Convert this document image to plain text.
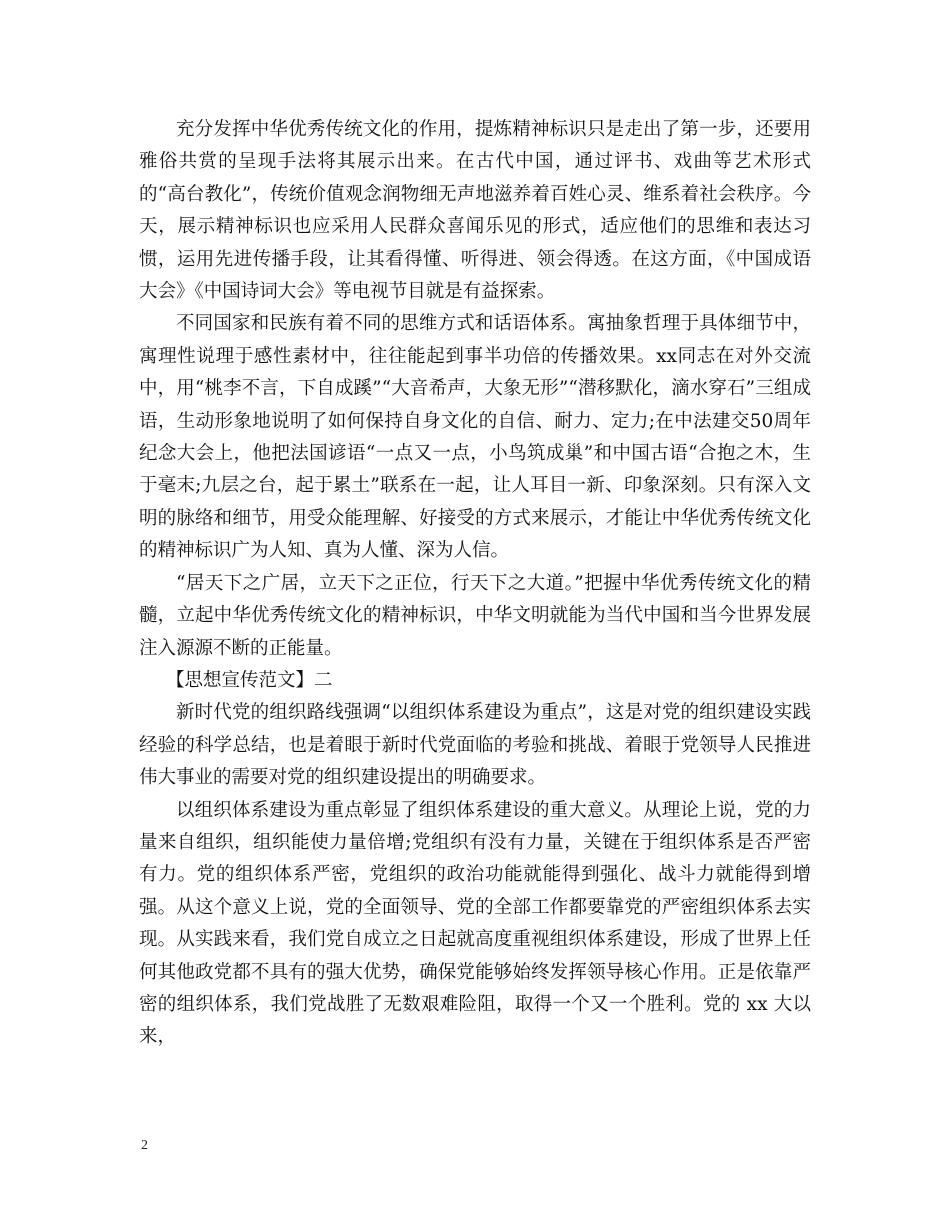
充分发挥中华优秀传统文化的作用，提炼精神标识只是走出了第一步，还要用雅俗共赏的呈现手法将其展示出来。在古代中国，通过评书、戏曲等艺术形式的“高台教化”，传统价值观念润物细无声地滋养着百姓心灵、维系着社会秩序。今天，展示精神标识也应采用人民群众喜闻乐见的形式，适应他们的思维和表达习惯，运用先进传播手段，让其看得懂、听得进、领会得透。在这方面，《中国成语大会》《中国诗词大会》等电视节目就是有益探索。

不同国家和民族有着不同的思维方式和话语体系。寓抽象哲理于具体细节中，寓理性说理于感性素材中，往往能起到事半功倍的传播效果。xx同志在对外交流中，用“桃李不言，下自成蹊”“大音希声，大象无形”“潜移默化，滴水穿石”三组成语，生动形象地说明了如何保持自身文化的自信、耐力、定力;在中法建交50周年纪念大会上，他把法国谚语“一点又一点，小鸟筑成巢”和中国古语“合抱之木，生于毫末;九层之台，起于累土”联系在一起，让人耳目一新、印象深刻。只有深入文明的脉络和细节，用受众能理解、好接受的方式来展示，才能让中华优秀传统文化的精神标识广为人知、真为人懂、深为人信。

“居天下之广居，立天下之正位，行天下之大道。”把握中华优秀传统文化的精髓，立起中华优秀传统文化的精神标识，中华文明就能为当代中国和当今世界发展注入源源不断的正能量。

【思想宣传范文】二

新时代党的组织路线强调“以组织体系建设为重点”，这是对党的组织建设实践经验的科学总结，也是着眼于新时代党面临的考验和挑战、着眼于党领导人民推进伟大事业的需要对党的组织建设提出的明确要求。

以组织体系建设为重点彰显了组织体系建设的重大意义。从理论上说，党的力量来自组织，组织能使力量倍增;党组织有没有力量，关键在于组织体系是否严密有力。党的组织体系严密，党组织的政治功能就能得到强化、战斗力就能得到增强。从这个意义上说，党的全面领导、党的全部工作都要靠党的严密组织体系去实现。从实践来看，我们党自成立之日起就高度重视组织体系建设，形成了世界上任何其他政党都不具有的强大优势，确保党能够始终发挥领导核心作用。正是依靠严密的组织体系，我们党战胜了无数艰难险阻，取得一个又一个胜利。党的 xx 大以来，

2
